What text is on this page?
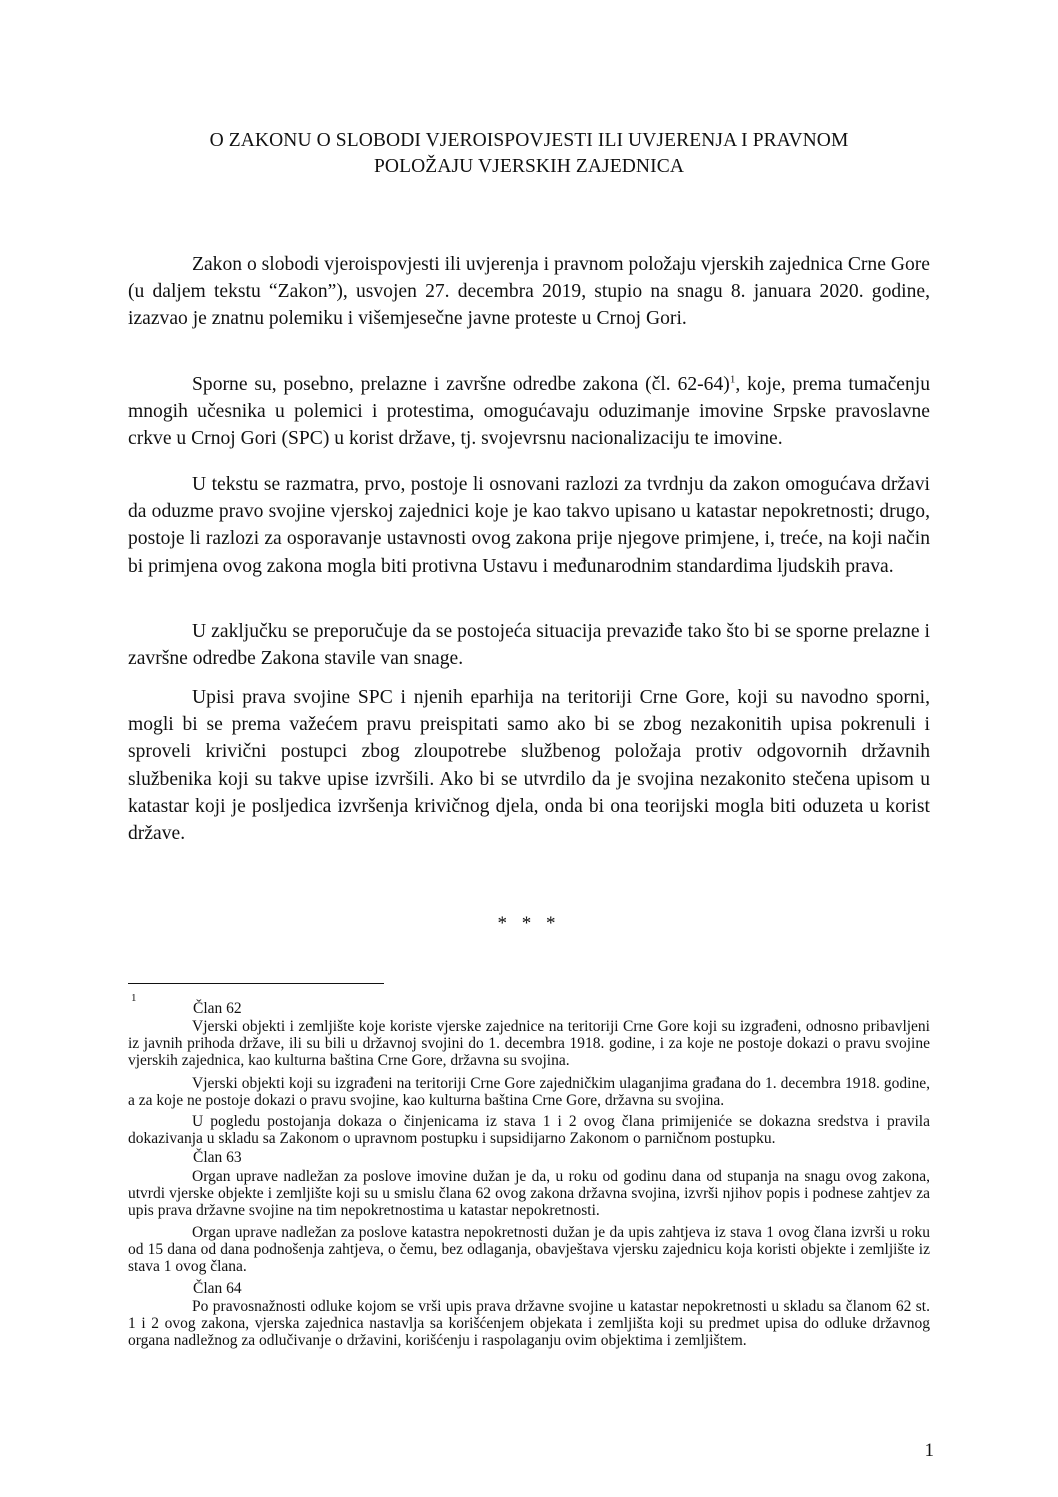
O ZAKONU O SLOBODI VJEROISPOVJESTI ILI UVJERENJA I PRAVNOM
POLOŽAJU VJERSKIH ZAJEDNICA

Zakon o slobodi vjeroispovjesti ili uvjerenja i pravnom položaju vjerskih zajednica Crne Gore (u daljem tekstu “Zakon”), usvojen 27. decembra 2019, stupio na snagu 8. januara 2020. godine, izazvao je znatnu polemiku i višemjesečne javne proteste u Crnoj Gori.

Sporne su, posebno, prelazne i završne odredbe zakona (čl. 62-64)$^1$, koje, prema tumačenju mnogih učesnika u polemici i protestima, omogućavaju oduzimanje imovine Srpske pravoslavne crkve u Crnoj Gori (SPC) u korist države, tj. svojevrsnu nacionalizaciju te imovine.

U tekstu se razmatra, prvo, postoje li osnovani razlozi za tvrdnju da zakon omogućava državi da oduzme pravo svojine vjerskoj zajednici koje je kao takvo upisano u katastar nepokretnosti; drugo, postoje li razlozi za osporavanje ustavnosti ovog zakona prije njegove primjene, i, treće, na koji način bi primjena ovog zakona mogla biti protivna Ustavu i međunarodnim standardima ljudskih prava.

U zaključku se preporučuje da se postojeća situacija prevaziđe tako što bi se sporne prelazne i završne odredbe Zakona stavile van snage.

Upisi prava svojine SPC i njenih eparhija na teritoriji Crne Gore, koji su navodno sporni, mogli bi se prema važećem pravu preispitati samo ako bi se zbog nezakonitih upisa pokrenuli i sproveli krivični postupci zbog zloupotrebe službenog položaja protiv odgovornih državnih službenika koji su takve upise izvršili. Ako bi se utvrdilo da je svojina nezakonito stečena upisom u katastar koji je posljedica izvršenja krivičnog djela, onda bi ona teorijski mogla biti oduzeta u korist države.

* * *
1
Član 62

Vjerski objekti i zemljište koje koriste vjerske zajednice na teritoriji Crne Gore koji su izgrađeni, odnosno pribavljeni iz javnih prihoda države, ili su bili u državnoj svojini do 1. decembra 1918. godine, i za koje ne postoje dokazi o pravu svojine vjerskih zajednica, kao kulturna baština Crne Gore, državna su svojina.

Vjerski objekti koji su izgrađeni na teritoriji Crne Gore zajedničkim ulaganjima građana do 1. decembra 1918. godine, a za koje ne postoje dokazi o pravu svojine, kao kulturna baština Crne Gore, državna su svojina.

U pogledu postojanja dokaza o činjenicama iz stava 1 i 2 ovog člana primijeniće se dokazna sredstva i pravila dokazivanja u skladu sa Zakonom o upravnom postupku i supsidijarno Zakonom o parničnom postupku.

Član 63

Organ uprave nadležan za poslove imovine dužan je da, u roku od godinu dana od stupanja na snagu ovog zakona, utvrdi vjerske objekte i zemljište koji su u smislu člana 62 ovog zakona državna svojina, izvrši njihov popis i podnese zahtjev za upis prava državne svojine na tim nepokretnostima u katastar nepokretnosti.

Organ uprave nadležan za poslove katastra nepokretnosti dužan je da upis zahtjeva iz stava 1 ovog člana izvrši u roku od 15 dana od dana podnošenja zahtjeva, o čemu, bez odlaganja, obavještava vjersku zajednicu koja koristi objekte i zemljište iz stava 1 ovog člana.

Član 64

Po pravosnažnosti odluke kojom se vrši upis prava državne svojine u katastar nepokretnosti u skladu sa članom 62 st. 1 i 2 ovog zakona, vjerska zajednica nastavlja sa korišćenjem objekata i zemljišta koji su predmet upisa do odluke državnog organa nadležnog za odlučivanje o državini, korišćenju i raspolaganju ovim objektima i zemljištem.

1
